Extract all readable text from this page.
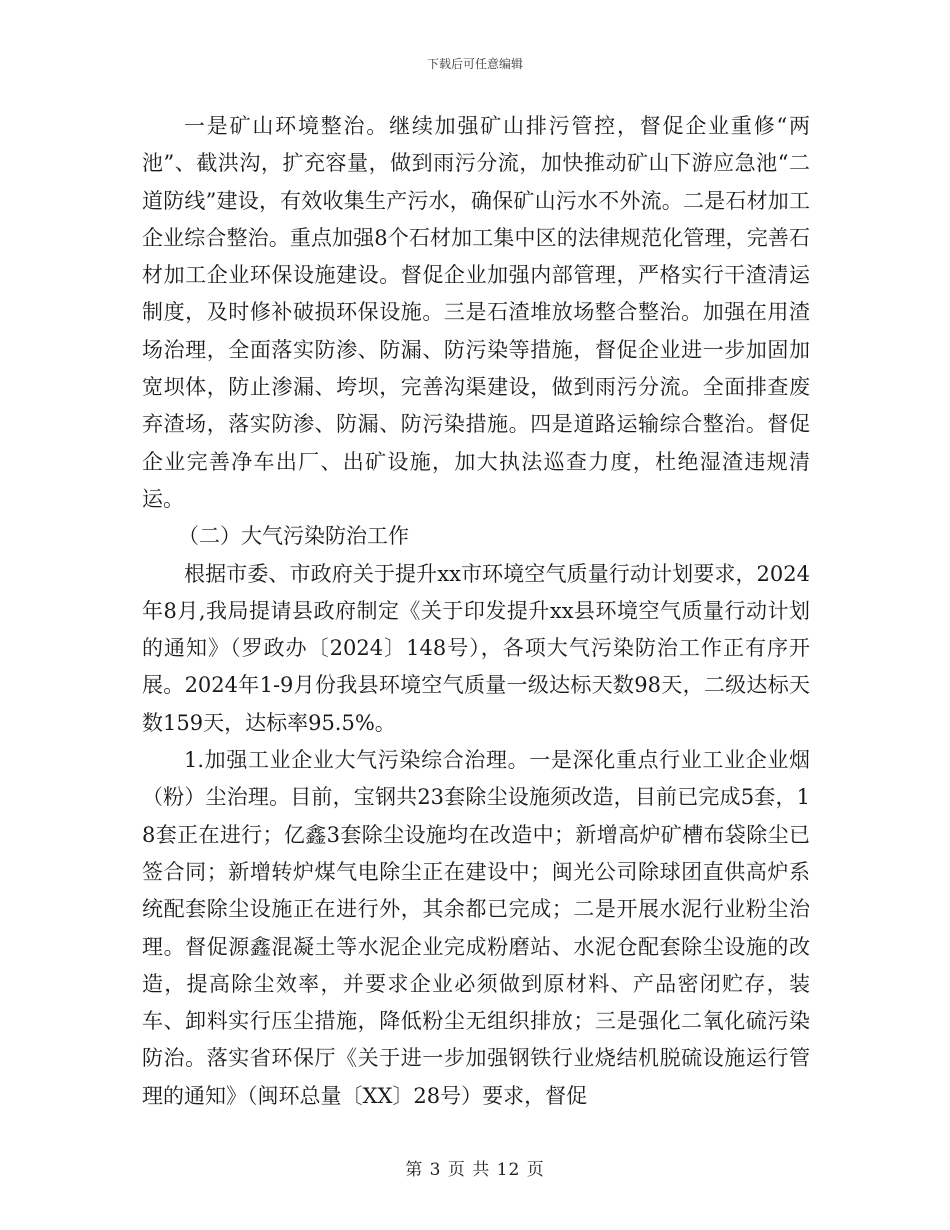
下载后可任意编辑

一是矿山环境整治。继续加强矿山排污管控，督促企业重修“两池”、截洪沟，扩充容量，做到雨污分流，加快推动矿山下游应急池“二道防线”建设，有效收集生产污水，确保矿山污水不外流。二是石材加工企业综合整治。重点加强8个石材加工集中区的法律规范化管理，完善石材加工企业环保设施建设。督促企业加强内部管理，严格实行干渣清运制度，及时修补破损环保设施。三是石渣堆放场整合整治。加强在用渣场治理，全面落实防渗、防漏、防污染等措施，督促企业进一步加固加宽坝体，防止渗漏、垮坝，完善沟渠建设，做到雨污分流。全面排查废弃渣场，落实防渗、防漏、防污染措施。四是道路运输综合整治。督促企业完善净车出厂、出矿设施，加大执法巡查力度，杜绝湿渣违规清运。

（二）大气污染防治工作

根据市委、市政府关于提升xx市环境空气质量行动计划要求，2024年8月,我局提请县政府制定《关于印发提升xx县环境空气质量行动计划的通知》（罗政办〔2024〕148号），各项大气污染防治工作正有序开展。2024年1-9月份我县环境空气质量一级达标天数98天，二级达标天数159天，达标率95.5%。

1.加强工业企业大气污染综合治理。一是深化重点行业工业企业烟（粉）尘治理。目前，宝钢共23套除尘设施须改造，目前已完成5套，18套正在进行；亿鑫3套除尘设施均在改造中；新增高炉矿槽布袋除尘已签合同；新增转炉煤气电除尘正在建设中；闽光公司除球团直供高炉系统配套除尘设施正在进行外，其余都已完成；二是开展水泥行业粉尘治理。督促源鑫混凝土等水泥企业完成粉磨站、水泥仓配套除尘设施的改造，提高除尘效率，并要求企业必须做到原材料、产品密闭贮存，装车、卸料实行压尘措施，降低粉尘无组织排放；三是强化二氧化硫污染防治。落实省环保厅《关于进一步加强钢铁行业烧结机脱硫设施运行管理的通知》（闽环总量〔XX〕28号）要求，督促

第 3 页 共 12 页
